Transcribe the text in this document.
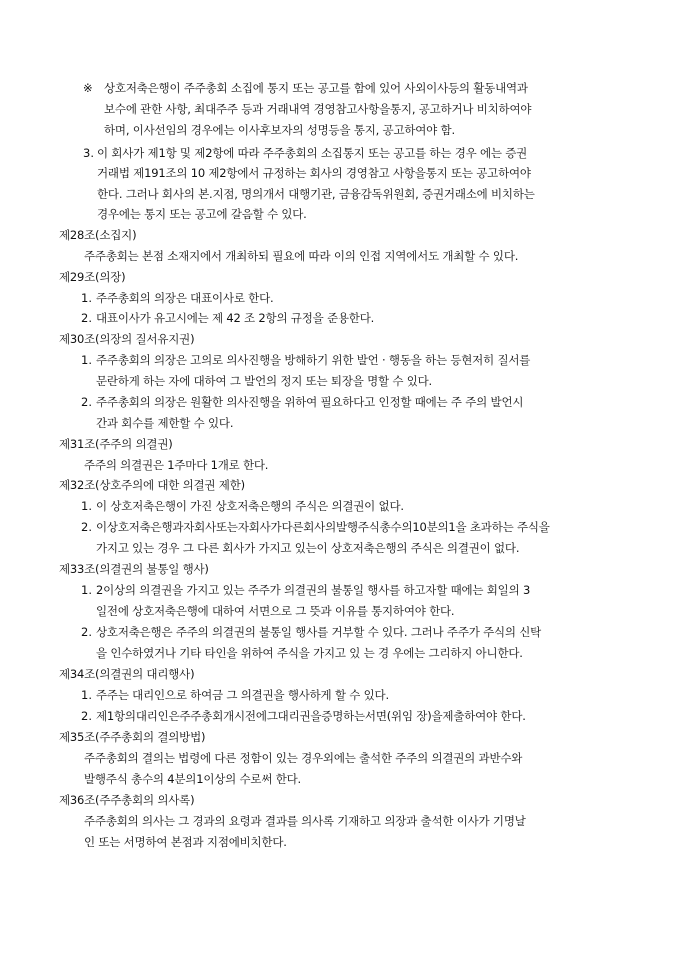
※ 상호저축은행이 주주총회 소집에 통지 또는 공고를 함에 있어 사외이사등의 활동내역과
보수에 관한 사항, 최대주주 등과 거래내역 경영참고사항을통지, 공고하거나 비치하여야
하며, 이사선임의 경우에는 이사후보자의 성명등을 통지, 공고하여야 함.
3. 이 회사가 제1항 및 제2항에 따라 주주총회의 소집통지 또는 공고를 하는 경우 에는 증권
거래법 제191조의 10 제2항에서 규정하는 회사의 경영참고 사항을통지 또는 공고하여야
한다. 그러나 회사의 본.지점, 명의개서 대행기관, 금융감독위원회, 증권거래소에 비치하는
경우에는 통지 또는 공고에 갈음할 수 있다.
제28조(소집지)
주주총회는 본점 소재지에서 개최하되 필요에 따라 이의 인접 지역에서도 개최할 수 있다.
제29조(의장)
1. 주주총회의 의장은 대표이사로 한다.
2. 대표이사가 유고시에는 제 42 조 2항의 규정을 준용한다.
제30조(의장의 질서유지권)
1. 주주총회의 의장은 고의로 의사진행을 방해하기 위한 발언 · 행동을 하는 등현저히 질서를
문란하게 하는 자에 대하여 그 발언의 정지 또는 퇴장을 명할 수 있다.
2. 주주총회의 의장은 원활한 의사진행을 위하여 필요하다고 인정할 때에는 주 주의 발언시
간과 회수를 제한할 수 있다.
제31조(주주의 의결권)
주주의 의결권은 1주마다 1개로 한다.
제32조(상호주의에 대한 의결권 제한)
1. 이 상호저축은행이 가진 상호저축은행의 주식은 의결권이 없다.
2. 이상호저축은행과자회사또는자회사가다른회사의발행주식총수의10분의1을 초과하는 주식을
가지고 있는 경우 그 다른 회사가 가지고 있는이 상호저축은행의 주식은 의결권이 없다.
제33조(의결권의 불통일 행사)
1. 2이상의 의결권을 가지고 있는 주주가 의결권의 불통일 행사를 하고자할 때에는 회일의 3
일전에 상호저축은행에 대하여 서면으로 그 뜻과 이유를 통지하여야 한다.
2. 상호저축은행은 주주의 의결권의 불통일 행사를 거부할 수 있다. 그러나 주주가 주식의 신탁
을 인수하였거나 기타 타인을 위하여 주식을 가지고 있 는 경 우에는 그리하지 아니한다.
제34조(의결권의 대리행사)
1. 주주는 대리인으로 하여금 그 의결권을 행사하게 할 수 있다.
2. 제1항의대리인은주주총회개시전에그대리권을증명하는서면(위임 장)을제출하여야 한다.
제35조(주주총회의 결의방법)
주주총회의 결의는 법령에 다른 정함이 있는 경우외에는 출석한 주주의 의결권의 과반수와
발행주식 총수의 4분의1이상의 수로써 한다.
제36조(주주총회의 의사록)
주주총회의 의사는 그 경과의 요령과 결과를 의사록 기재하고 의장과 출석한 이사가 기명날
인 또는 서명하여 본점과 지점에비치한다.
